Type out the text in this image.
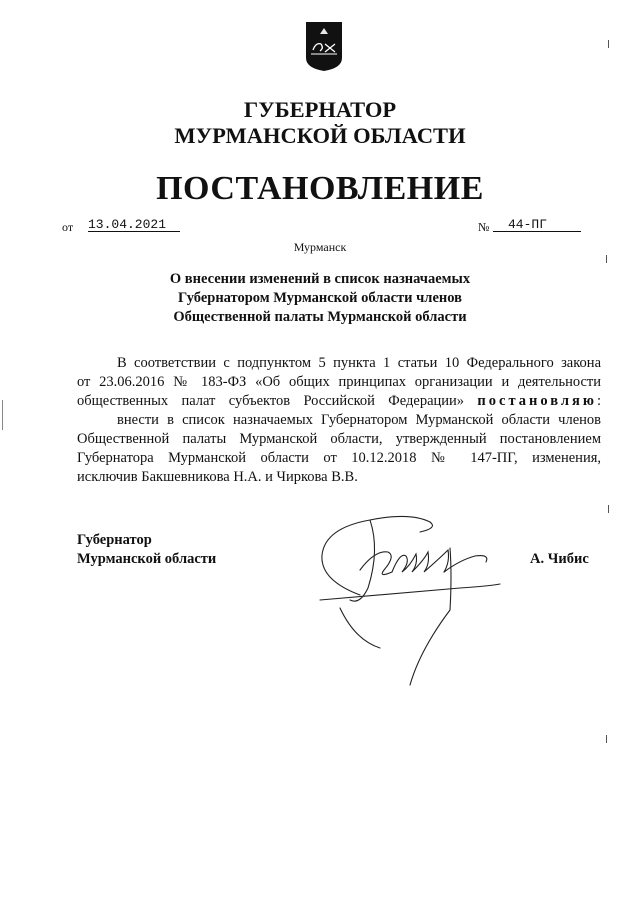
ГУБЕРНАТОР
МУРМАНСКОЙ ОБЛАСТИ
ПОСТАНОВЛЕНИЕ
от 13.04.2021	№ 44-ПГ
Мурманск
О внесении изменений в список назначаемых
Губернатором Мурманской области членов
Общественной палаты Мурманской области
В соответствии с подпунктом 5 пункта 1 статьи 10 Федерального закона
от 23.06.2016 № 183-ФЗ «Об общих принципах организации и деятельности
общественных палат субъектов Российской Федерации» постановляю:
внести в список назначаемых Губернатором Мурманской области членов
Общественной палаты Мурманской области, утвержденный постановлением
Губернатора Мурманской области от 10.12.2018 № 147-ПГ, изменения,
исключив Бакшевникова Н.А. и Чиркова В.В.
Губернатор
Мурманской области	А. Чибис
